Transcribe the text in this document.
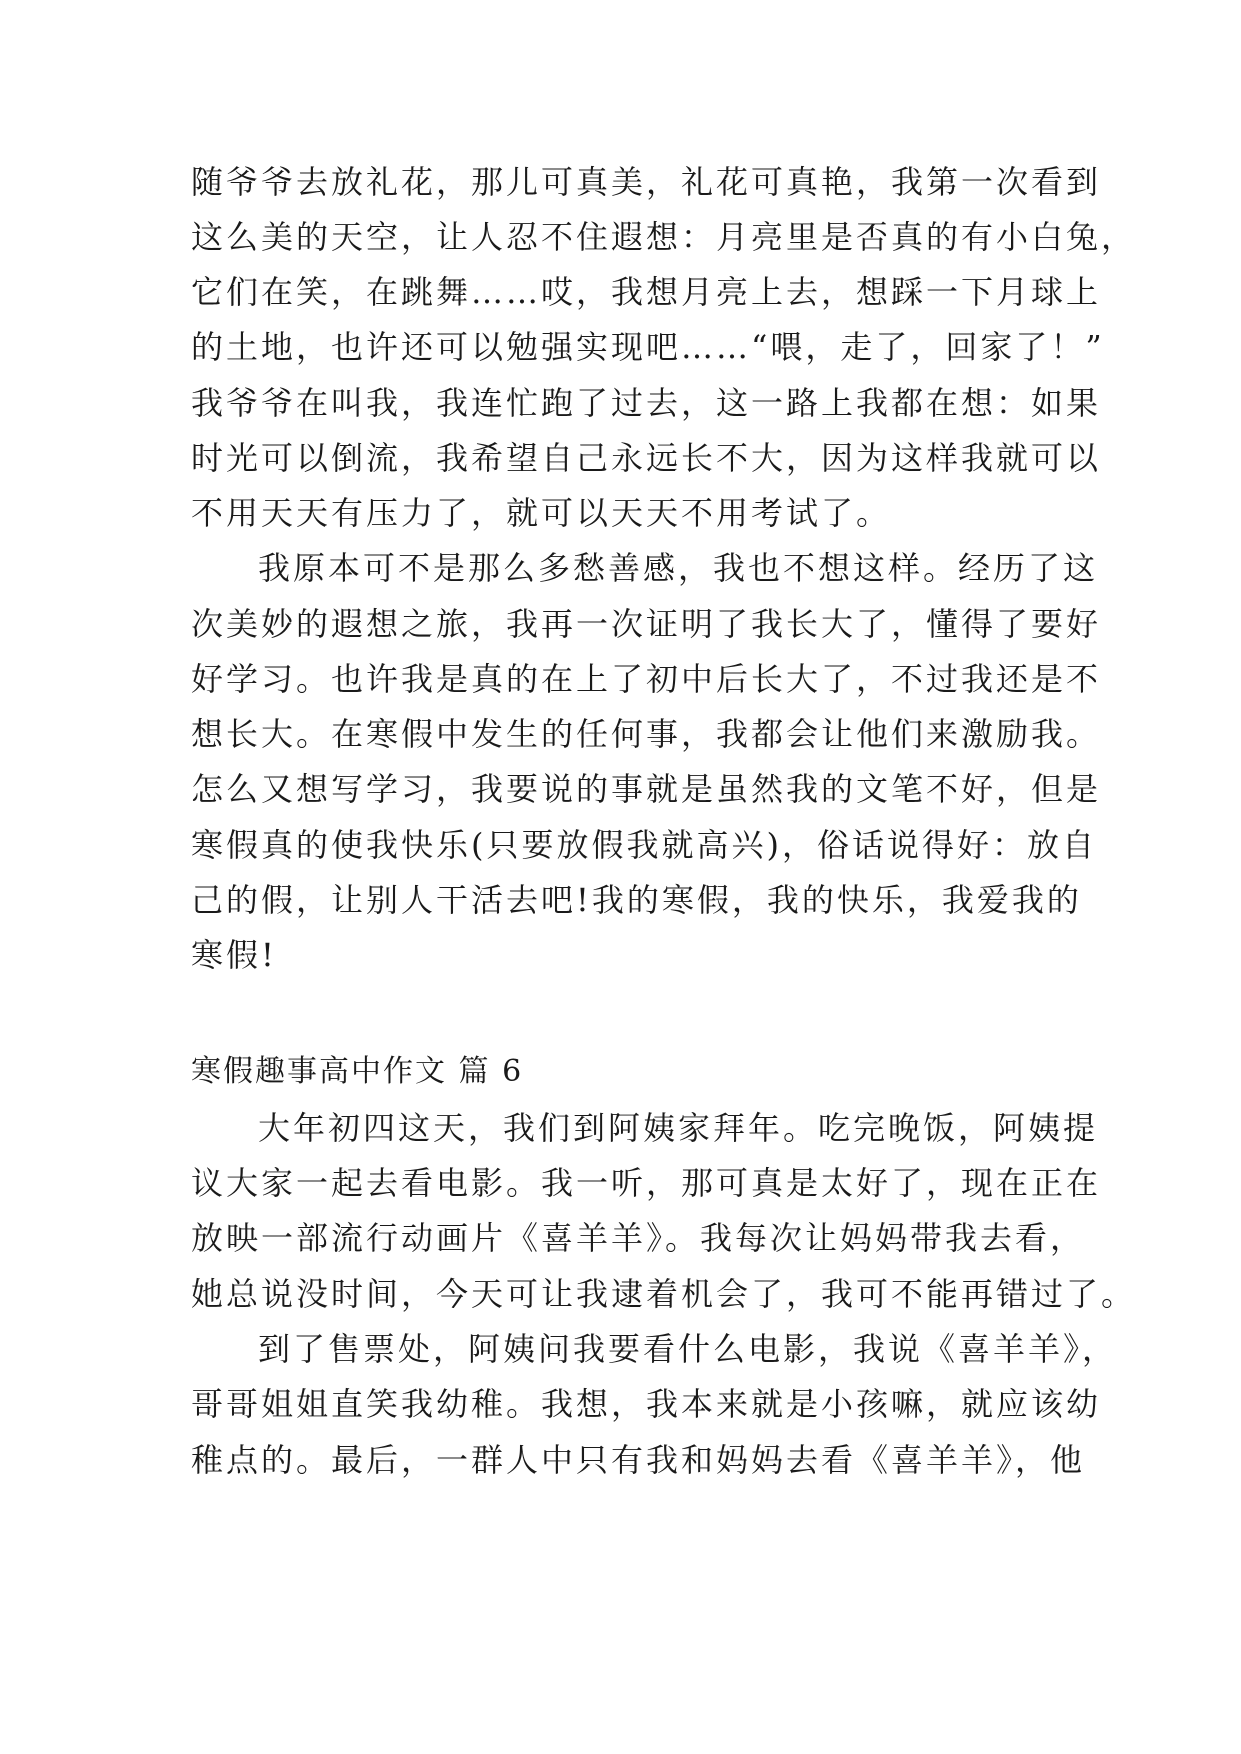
随爷爷去放礼花，那儿可真美，礼花可真艳，我第一次看到
这么美的天空，让人忍不住遐想：月亮里是否真的有小白兔，
它们在笑，在跳舞……哎，我想月亮上去，想踩一下月球上
的土地，也许还可以勉强实现吧……“喂，走了，回家了！”
我爷爷在叫我，我连忙跑了过去，这一路上我都在想：如果
时光可以倒流，我希望自己永远长不大，因为这样我就可以
不用天天有压力了，就可以天天不用考试了。
我原本可不是那么多愁善感，我也不想这样。经历了这
次美妙的遐想之旅，我再一次证明了我长大了，懂得了要好
好学习。也许我是真的在上了初中后长大了，不过我还是不
想长大。在寒假中发生的任何事，我都会让他们来激励我。
怎么又想写学习，我要说的事就是虽然我的文笔不好，但是
寒假真的使我快乐(只要放假我就高兴)，俗话说得好：放自
己的假，让别人干活去吧!我的寒假，我的快乐，我爱我的
寒假!
寒假趣事高中作文 篇 6
大年初四这天，我们到阿姨家拜年。吃完晚饭，阿姨提
议大家一起去看电影。我一听，那可真是太好了，现在正在
放映一部流行动画片《喜羊羊》。我每次让妈妈带我去看，
她总说没时间，今天可让我逮着机会了，我可不能再错过了。
到了售票处，阿姨问我要看什么电影，我说《喜羊羊》，
哥哥姐姐直笑我幼稚。我想，我本来就是小孩嘛，就应该幼
稚点的。最后，一群人中只有我和妈妈去看《喜羊羊》，他
